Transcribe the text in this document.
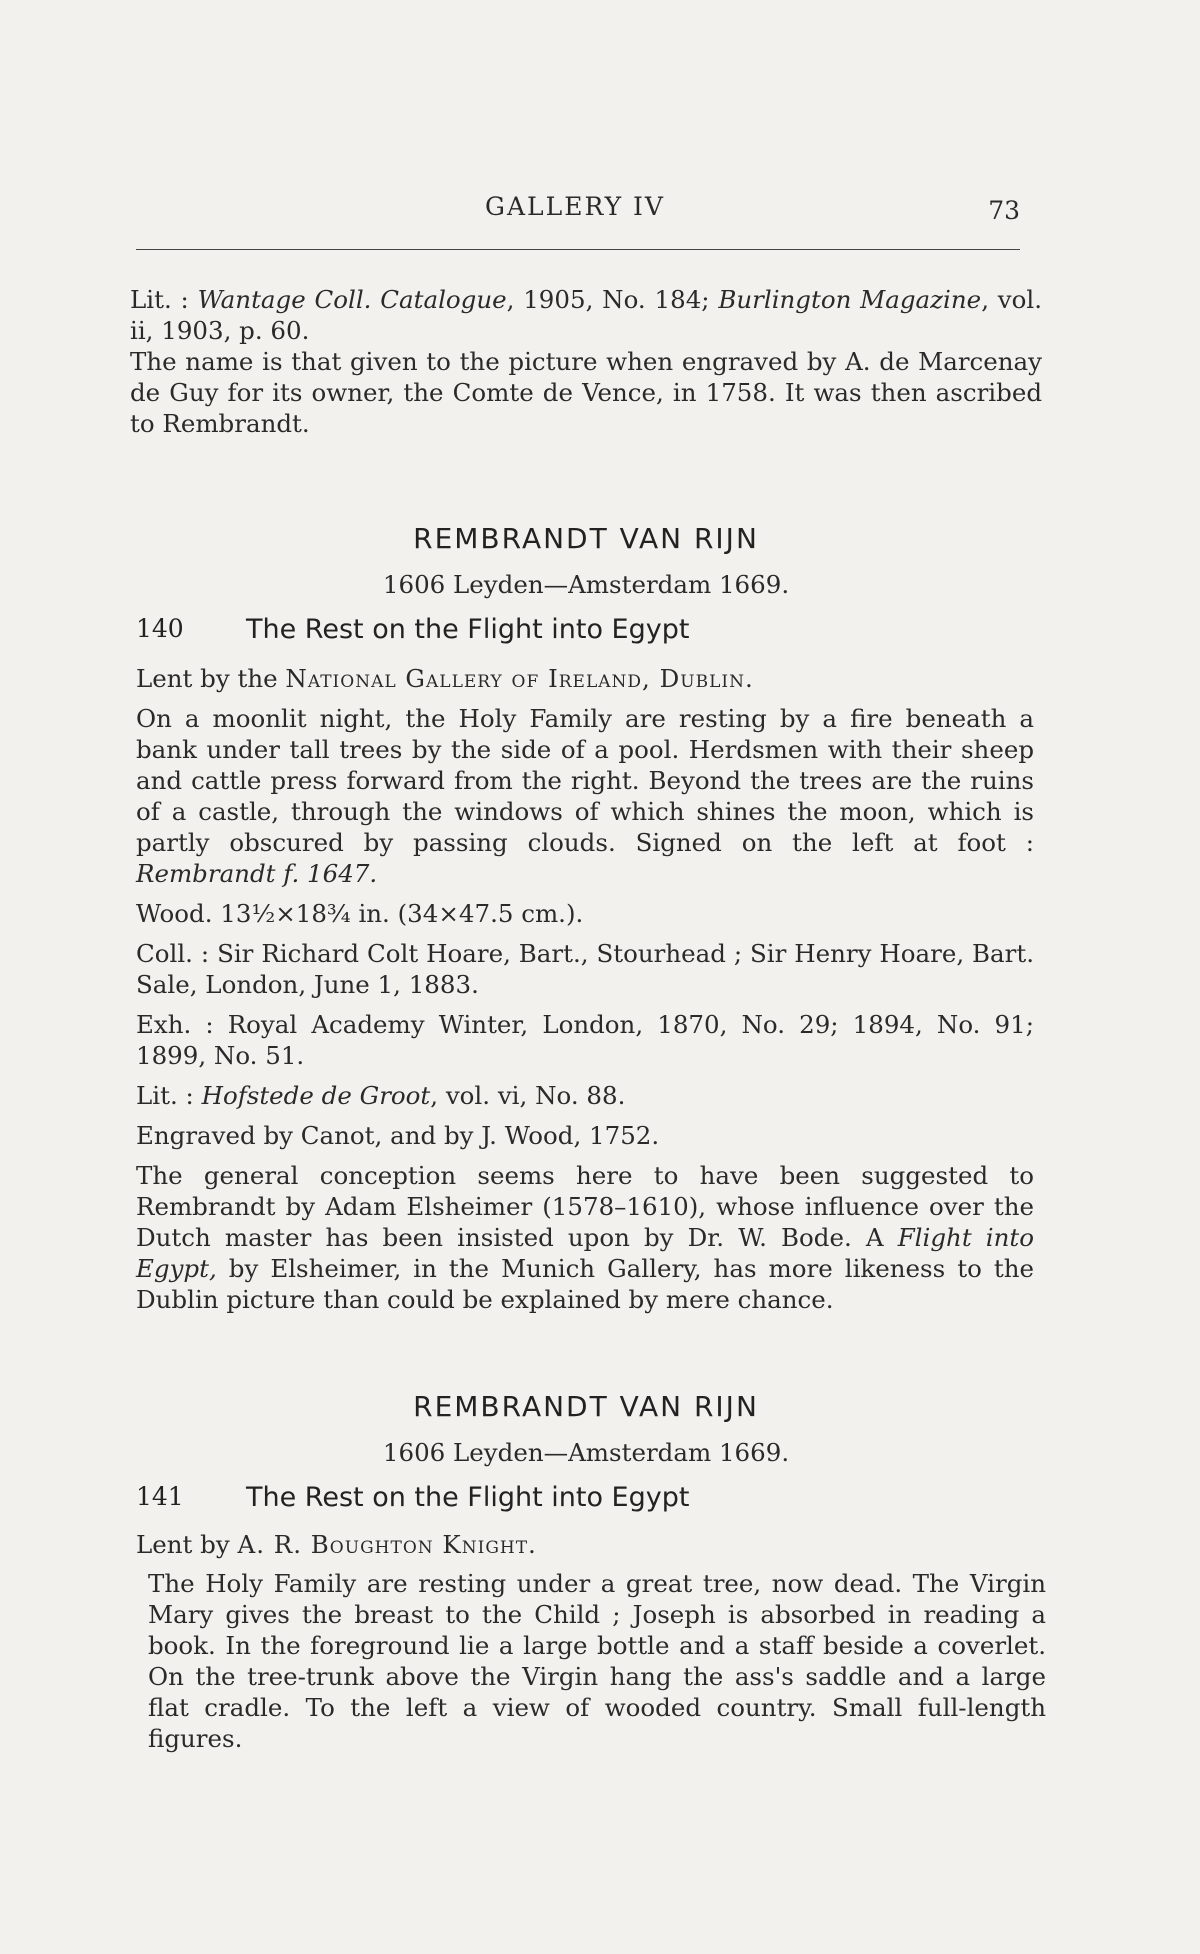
GALLERY IV	73

Lit. : Wantage Coll. Catalogue, 1905, No. 184; Burlington Magazine, vol. ii, 1903, p. 60.

The name is that given to the picture when engraved by A. de Marcenay de Guy for its owner, the Comte de Vence, in 1758. It was then ascribed to Rembrandt.

REMBRANDT VAN RIJN
1606 Leyden—Amsterdam 1669.
140 The Rest on the Flight into Egypt
Lent by the National Gallery of Ireland, Dublin.

On a moonlit night, the Holy Family are resting by a fire beneath a bank under tall trees by the side of a pool. Herdsmen with their sheep and cattle press forward from the right. Beyond the trees are the ruins of a castle, through the windows of which shines the moon, which is partly obscured by passing clouds. Signed on the left at foot : Rembrandt f. 1647.

Wood. 13½×18¾ in. (34×47.5 cm.).

Coll. : Sir Richard Colt Hoare, Bart., Stourhead ; Sir Henry Hoare, Bart. Sale, London, June 1, 1883.

Exh. : Royal Academy Winter, London, 1870, No. 29; 1894, No. 91; 1899, No. 51.

Lit. : Hofstede de Groot, vol. vi, No. 88.

Engraved by Canot, and by J. Wood, 1752.

The general conception seems here to have been suggested to Rembrandt by Adam Elsheimer (1578–1610), whose influence over the Dutch master has been insisted upon by Dr. W. Bode. A Flight into Egypt, by Elsheimer, in the Munich Gallery, has more likeness to the Dublin picture than could be explained by mere chance.

REMBRANDT VAN RIJN
1606 Leyden—Amsterdam 1669.
141 The Rest on the Flight into Egypt
Lent by A. R. Boughton Knight.

The Holy Family are resting under a great tree, now dead. The Virgin Mary gives the breast to the Child ; Joseph is absorbed in reading a book. In the foreground lie a large bottle and a staff beside a coverlet. On the tree-trunk above the Virgin hang the ass's saddle and a large flat cradle. To the left a view of wooded country. Small full-length figures.
